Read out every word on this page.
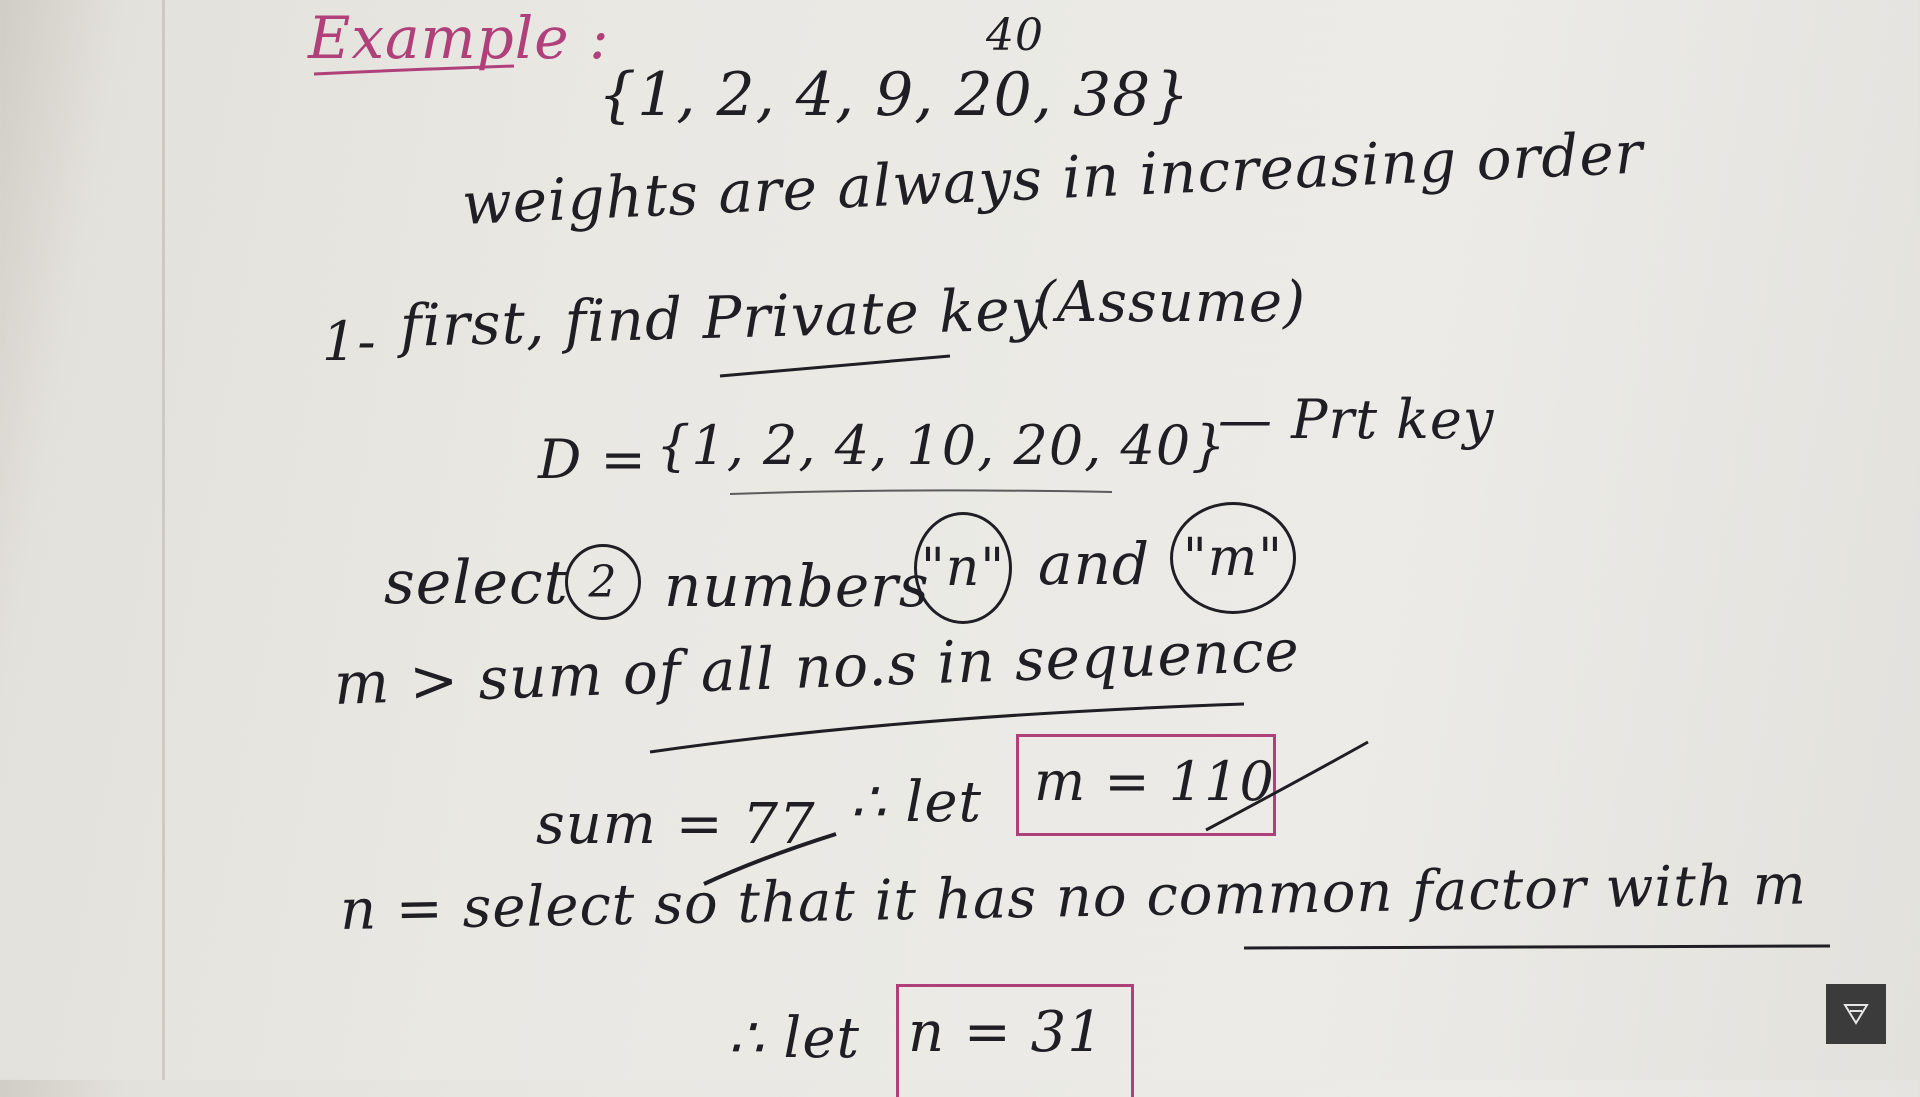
Example :	40
{1, 2, 4, 9, 20, 38}
weights are always in increasing order
1- first, find Private key
(Assume)
D = {1, 2, 4, 10, 20, 40}
— Prt key
select 2 numbers
"n" and "m"
m > sum of all no.s in sequence
sum = 77 ∴ let m = 110
n = select so that it has no common factor with m
∴ let n = 31
